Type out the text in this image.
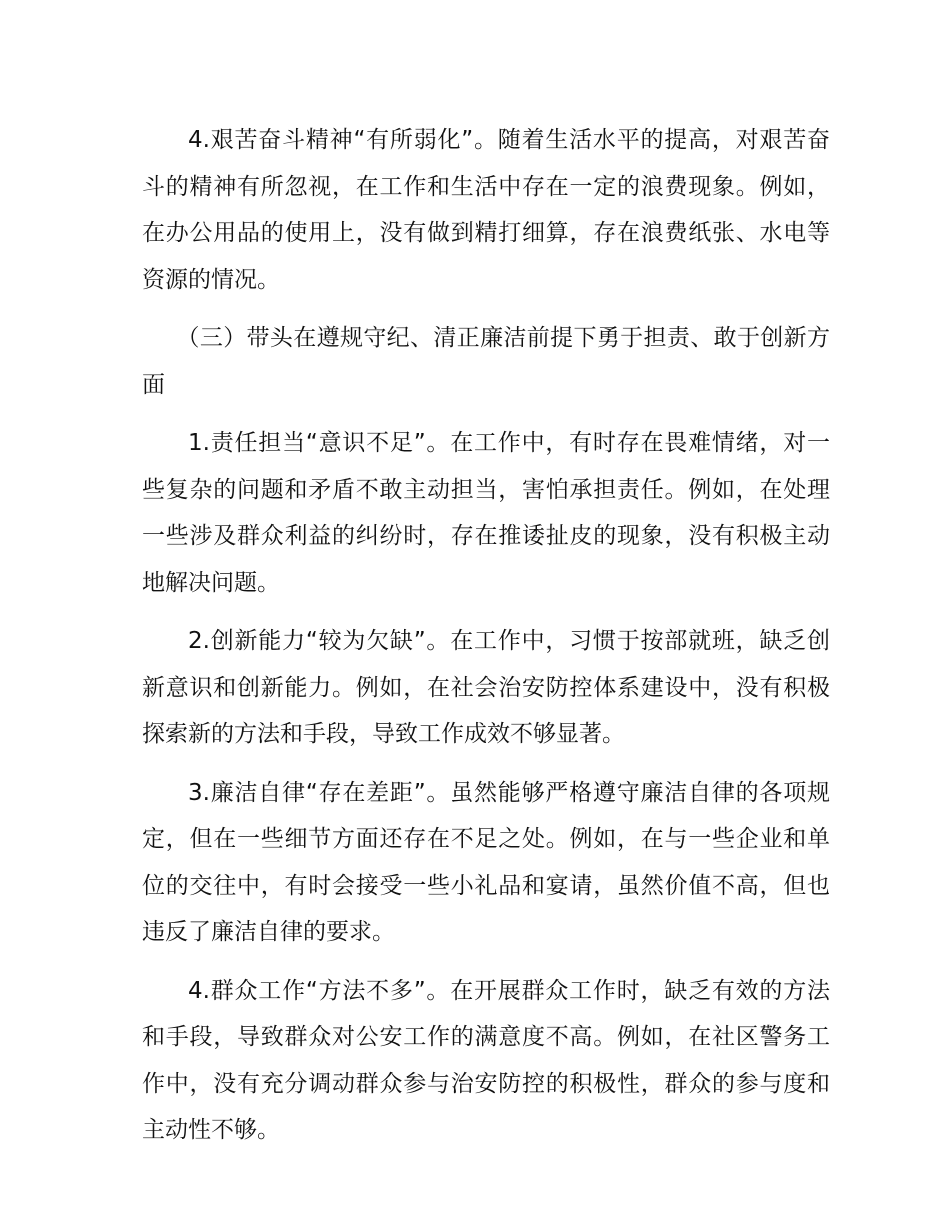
4.艰苦奋斗精神“有所弱化”。随着生活水平的提高，对艰苦奋斗的精神有所忽视，在工作和生活中存在一定的浪费现象。例如，在办公用品的使用上，没有做到精打细算，存在浪费纸张、水电等资源的情况。

（三）带头在遵规守纪、清正廉洁前提下勇于担责、敢于创新方面

1.责任担当“意识不足”。在工作中，有时存在畏难情绪，对一些复杂的问题和矛盾不敢主动担当，害怕承担责任。例如，在处理一些涉及群众利益的纠纷时，存在推诿扯皮的现象，没有积极主动地解决问题。

2.创新能力“较为欠缺”。在工作中，习惯于按部就班，缺乏创新意识和创新能力。例如，在社会治安防控体系建设中，没有积极探索新的方法和手段，导致工作成效不够显著。

3.廉洁自律“存在差距”。虽然能够严格遵守廉洁自律的各项规定，但在一些细节方面还存在不足之处。例如，在与一些企业和单位的交往中，有时会接受一些小礼品和宴请，虽然价值不高，但也违反了廉洁自律的要求。

4.群众工作“方法不多”。在开展群众工作时，缺乏有效的方法和手段，导致群众对公安工作的满意度不高。例如，在社区警务工作中，没有充分调动群众参与治安防控的积极性，群众的参与度和主动性不够。
